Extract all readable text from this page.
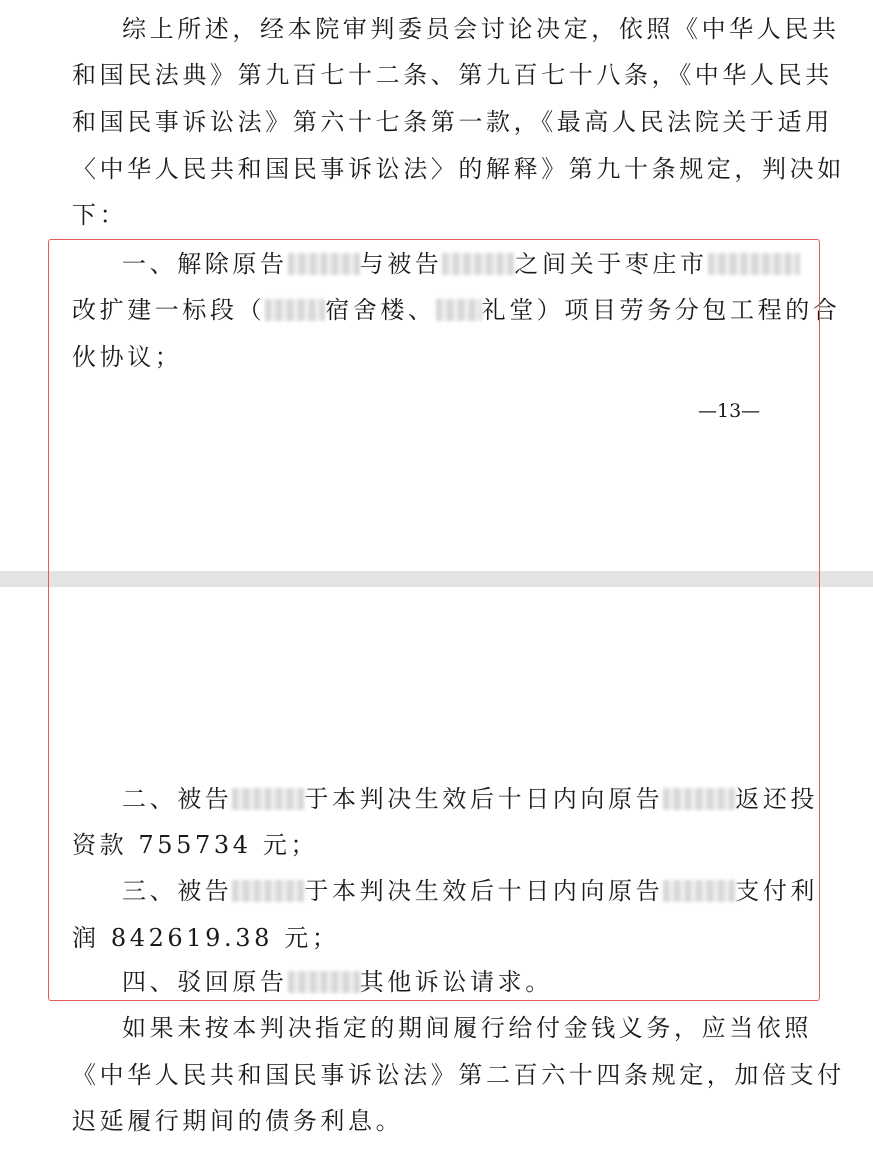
综上所述，经本院审判委员会讨论决定，依照《中华人民共
和国民法典》第九百七十二条、第九百七十八条，《中华人民共
和国民事诉讼法》第六十七条第一款，《最高人民法院关于适用
〈中华人民共和国民事诉讼法〉的解释》第九十条规定，判决如
下：
一、解除原告	与被告	之间关于枣庄市
改扩建一标段（	宿舍楼、 礼堂）项目劳务分包工程的合
伙协议；
—13—
二、被告	于本判决生效后十日内向原告	返还投
资款 755734 元；
三、被告	于本判决生效后十日内向原告	支付利
润 842619.38 元；
四、驳回原告	其他诉讼请求。
如果未按本判决指定的期间履行给付金钱义务，应当依照
《中华人民共和国民事诉讼法》第二百六十四条规定，加倍支付
迟延履行期间的债务利息。
